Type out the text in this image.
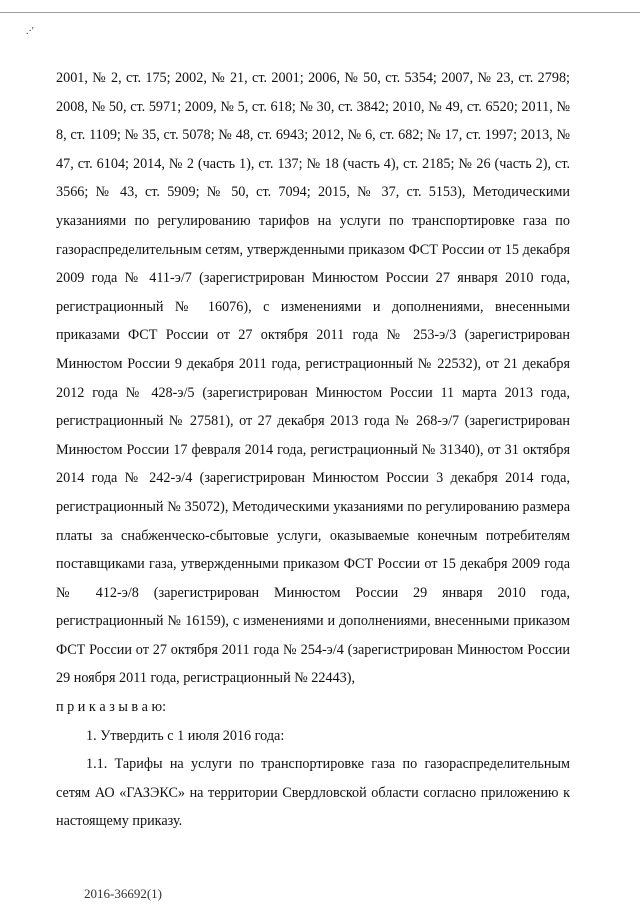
.·'

2001, № 2, ст. 175; 2002, № 21, ст. 2001; 2006, № 50, ст. 5354; 2007, № 23, ст. 2798; 2008, № 50, ст. 5971; 2009, № 5, ст. 618; № 30, ст. 3842; 2010, № 49, ст. 6520; 2011, № 8, ст. 1109; № 35, ст. 5078; № 48, ст. 6943; 2012, № 6, ст. 682; № 17, ст. 1997; 2013, № 47, ст. 6104; 2014, № 2 (часть 1), ст. 137; № 18 (часть 4), ст. 2185; № 26 (часть 2), ст. 3566; № 43, ст. 5909; № 50, ст. 7094; 2015, № 37, ст. 5153), Методическими указаниями по регулированию тарифов на услуги по транспортировке газа по газораспределительным сетям, утвержденными приказом ФСТ России от 15 декабря 2009 года № 411-э/7 (зарегистрирован Минюстом России 27 января 2010 года, регистрационный № 16076), с изменениями и дополнениями, внесенными приказами ФСТ России от 27 октября 2011 года № 253-э/3 (зарегистрирован Минюстом России 9 декабря 2011 года, регистрационный № 22532), от 21 декабря 2012 года № 428-э/5 (зарегистрирован Минюстом России 11 марта 2013 года, регистрационный № 27581), от 27 декабря 2013 года № 268-э/7 (зарегистрирован Минюстом России 17 февраля 2014 года, регистрационный № 31340), от 31 октября 2014 года № 242-э/4 (зарегистрирован Минюстом России 3 декабря 2014 года, регистрационный № 35072), Методическими указаниями по регулированию размера платы за снабженческо-сбытовые услуги, оказываемые конечным потребителям поставщиками газа, утвержденными приказом ФСТ России от 15 декабря 2009 года № 412-э/8 (зарегистрирован Минюстом России 29 января 2010 года, регистрационный № 16159), с изменениями и дополнениями, внесенными приказом ФСТ России от 27 октября 2011 года № 254-э/4 (зарегистрирован Минюстом России 29 ноября 2011 года, регистрационный № 22443),

п р и к а з ы в а ю:

1. Утвердить с 1 июля 2016 года:

1.1. Тарифы на услуги по транспортировке газа по газораспределительным сетям АО «ГАЗЭКС» на территории Свердловской области согласно приложению к настоящему приказу.

2016-36692(1)
